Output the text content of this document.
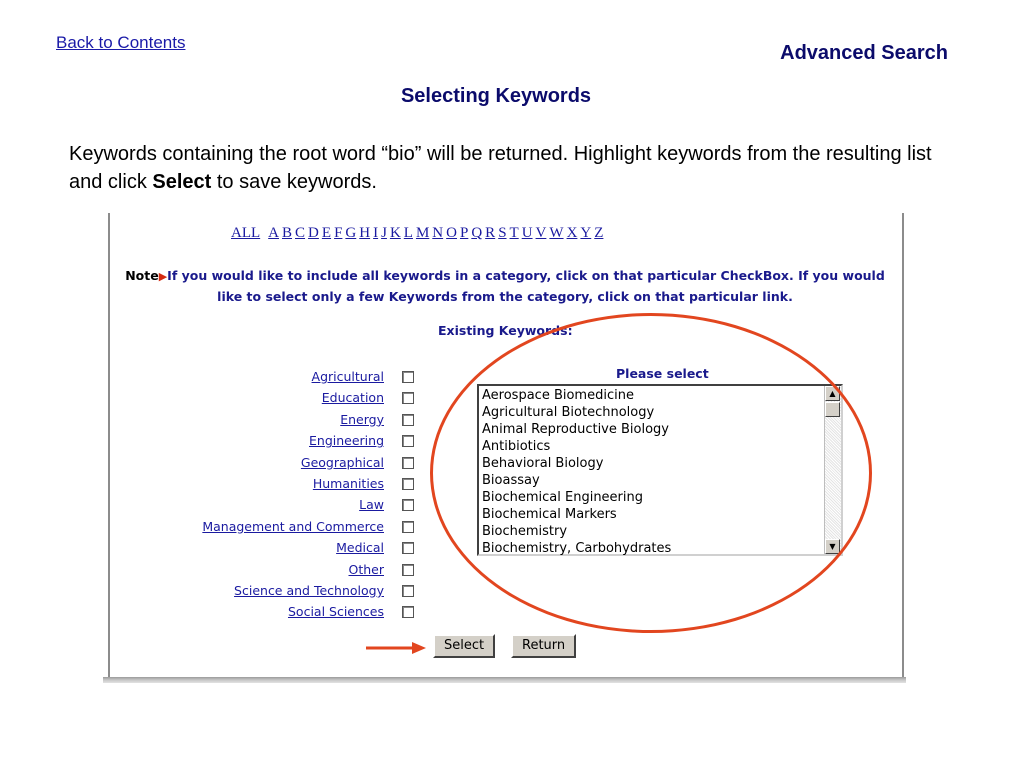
Back to Contents	Advanced Search
Selecting Keywords
Keywords containing the root word “bio” will be returned. Highlight keywords from the resulting list and click Select to save keywords.
ALL A B C D E F G H I J K L M N O P Q R S T U V W X Y Z
Note▶If you would like to include all keywords in a category, click on that particular CheckBox. If you would like to select only a few Keywords from the category, click on that particular link.
Existing Keywords:
Agricultural
Education
Energy
Engineering
Geographical
Humanities
Law
Management and Commerce
Medical
Other
Science and Technology
Social Sciences
Please select
Aerospace Biomedicine
Agricultural Biotechnology
Animal Reproductive Biology
Antibiotics
Behavioral Biology
Bioassay
Biochemical Engineering
Biochemical Markers
Biochemistry
Biochemistry, Carbohydrates
▲
▼
Select	Return
